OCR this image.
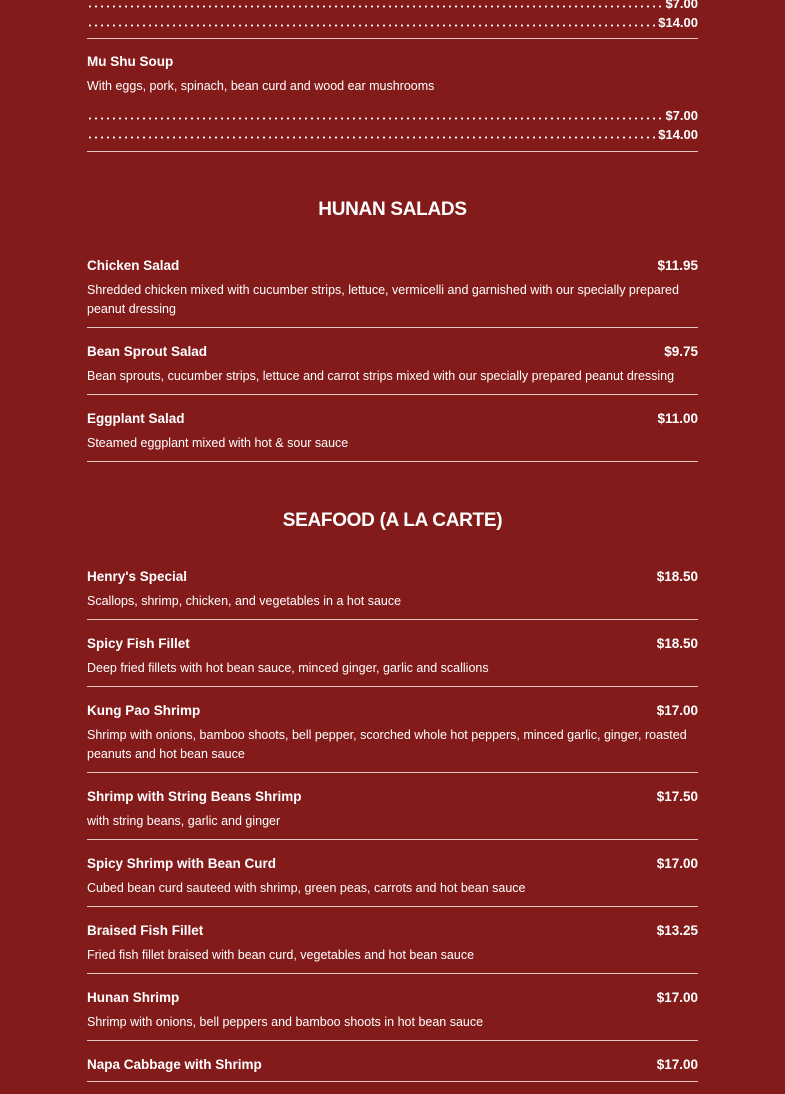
$7.00
$14.00
Mu Shu Soup
With eggs, pork, spinach, bean curd and wood ear mushrooms
$7.00
$14.00
HUNAN SALADS
Chicken Salad	$11.95
Shredded chicken mixed with cucumber strips, lettuce, vermicelli and garnished with our specially prepared peanut dressing
Bean Sprout Salad	$9.75
Bean sprouts, cucumber strips, lettuce and carrot strips mixed with our specially prepared peanut dressing
Eggplant Salad	$11.00
Steamed eggplant mixed with hot & sour sauce
SEAFOOD (A LA CARTE)
Henry's Special	$18.50
Scallops, shrimp, chicken, and vegetables in a hot sauce
Spicy Fish Fillet	$18.50
Deep fried fillets with hot bean sauce, minced ginger, garlic and scallions
Kung Pao Shrimp	$17.00
Shrimp with onions, bamboo shoots, bell pepper, scorched whole hot peppers, minced garlic, ginger, roasted peanuts and hot bean sauce
Shrimp with String Beans Shrimp	$17.50
with string beans, garlic and ginger
Spicy Shrimp with Bean Curd	$17.00
Cubed bean curd sauteed with shrimp, green peas, carrots and hot bean sauce
Braised Fish Fillet	$13.25
Fried fish fillet braised with bean curd, vegetables and hot bean sauce
Hunan Shrimp	$17.00
Shrimp with onions, bell peppers and bamboo shoots in hot bean sauce
Napa Cabbage with Shrimp	$17.00
